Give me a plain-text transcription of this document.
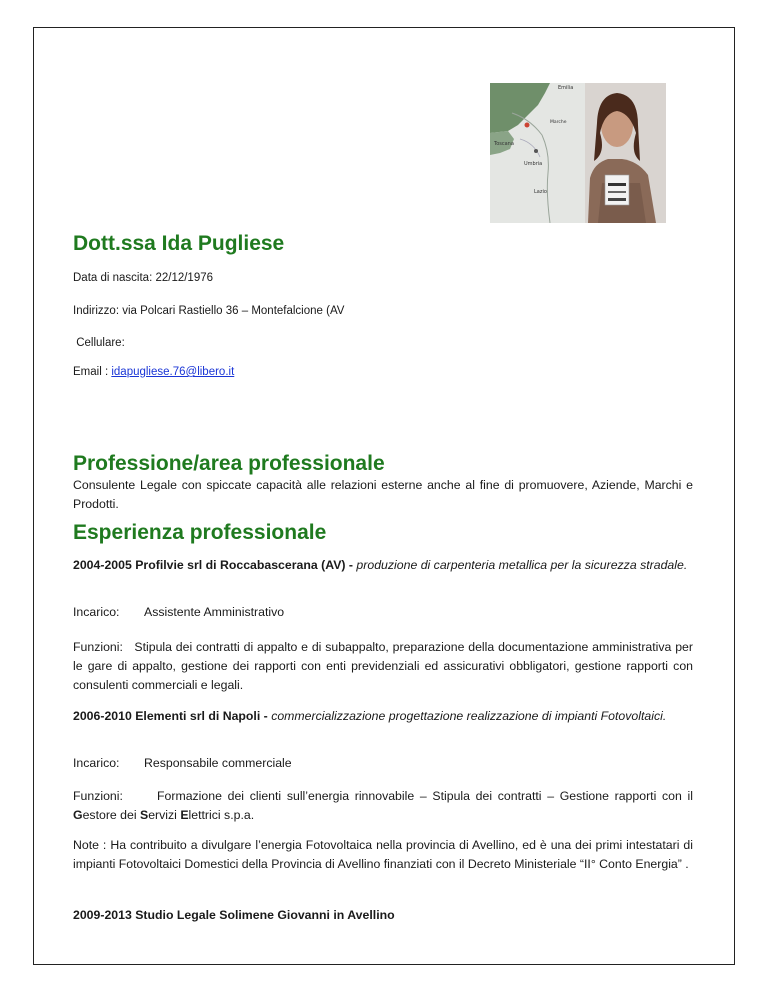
Emilia
Toscana
Umbria
Lazio
Marche
Dott.ssa Ida Pugliese
Data di nascita: 22/12/1976
Indirizzo: via Polcari Rastiello 36 – Montefalcione (AV
Cellulare:
Email : idapugliese.76@libero.it
Professione/area professionale
Consulente Legale con spiccate capacità alle relazioni esterne anche al fine di promuovere, Aziende, Marchi e Prodotti.
Esperienza professionale
2004-2005 Profilvie srl di Roccabascerana (AV) - produzione di carpenteria metallica per la sicurezza stradale.
Incarico: Assistente Amministrativo
Funzioni:   Stipula dei contratti di appalto e di subappalto, preparazione della documentazione amministrativa per le gare di appalto, gestione dei rapporti con enti previdenziali ed assicurativi obbligatori, gestione rapporti con consulenti commerciali e legali.
2006-2010 Elementi srl di Napoli - commercializzazione progettazione realizzazione di impianti Fotovoltaici.
Incarico: Responsabile commerciale
Funzioni:      Formazione dei clienti sull’energia rinnovabile – Stipula dei contratti – Gestione rapporti con il Gestore dei Servizi Elettrici s.p.a.
Note : Ha contribuito a divulgare l’energia Fotovoltaica nella provincia di Avellino, ed è una dei primi intestatari di impianti Fotovoltaici Domestici della Provincia di Avellino finanziati con il Decreto Ministeriale “II° Conto Energia” .
2009-2013 Studio Legale Solimene Giovanni in Avellino
